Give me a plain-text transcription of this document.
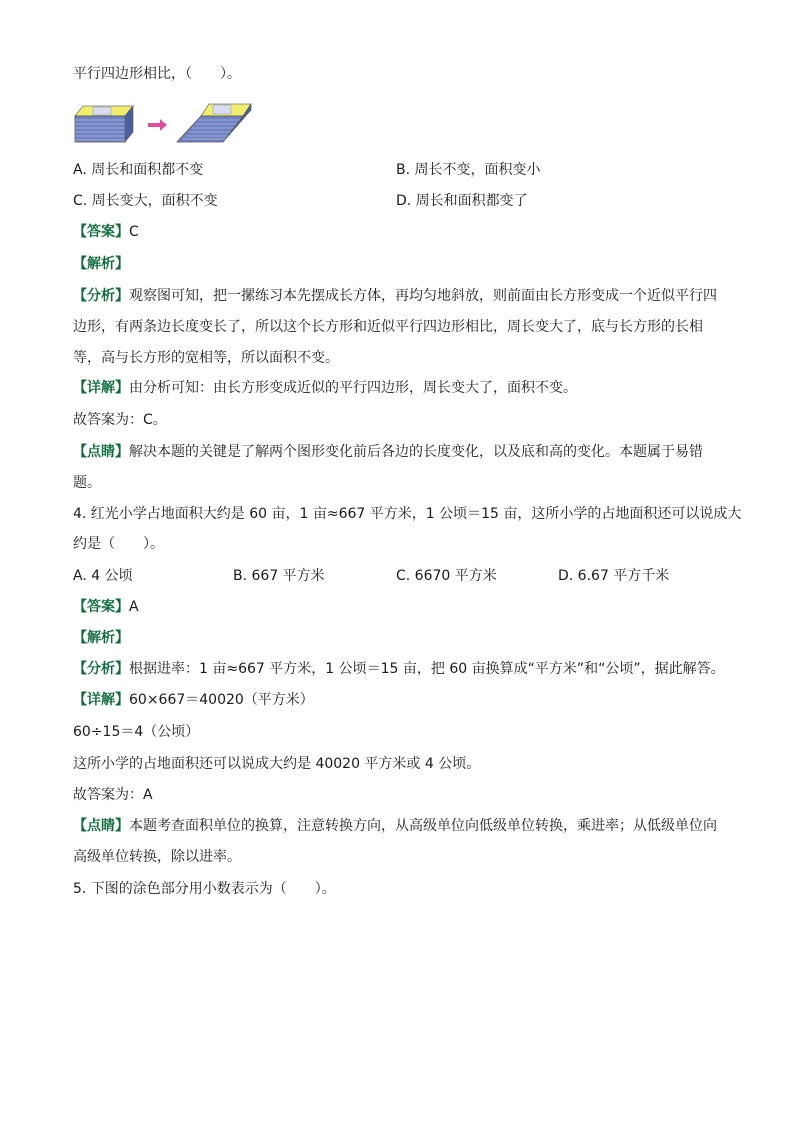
平行四边形相比，（　　）。
A. 周长和面积都不变	B. 周长不变，面积变小
C. 周长变大，面积不变	D. 周长和面积都变了
【答案】C
【解析】
【分析】观察图可知，把一摞练习本先摆成长方体，再均匀地斜放，则前面由长方形变成一个近似平行四
边形，有两条边长度变长了，所以这个长方形和近似平行四边形相比，周长变大了，底与长方形的长相
等，高与长方形的宽相等，所以面积不变。
【详解】由分析可知：由长方形变成近似的平行四边形，周长变大了，面积不变。
故答案为：C。
【点睛】解决本题的关键是了解两个图形变化前后各边的长度变化，以及底和高的变化。本题属于易错
题。
4. 红光小学占地面积大约是 60 亩，1 亩≈667 平方米，1 公顷＝15 亩，这所小学的占地面积还可以说成大
约是（　　）。
A. 4 公顷	B. 667 平方米	C. 6670 平方米	D. 6.67 平方千米
【答案】A
【解析】
【分析】根据进率：1 亩≈667 平方米，1 公顷＝15 亩，把 60 亩换算成“平方米”和“公顷”，据此解答。
【详解】60×667＝40020（平方米）
60÷15＝4（公顷）
这所小学的占地面积还可以说成大约是 40020 平方米或 4 公顷。
故答案为：A
【点睛】本题考查面积单位的换算，注意转换方向，从高级单位向低级单位转换，乘进率；从低级单位向
高级单位转换，除以进率。
5. 下图的涂色部分用小数表示为（　　）。
